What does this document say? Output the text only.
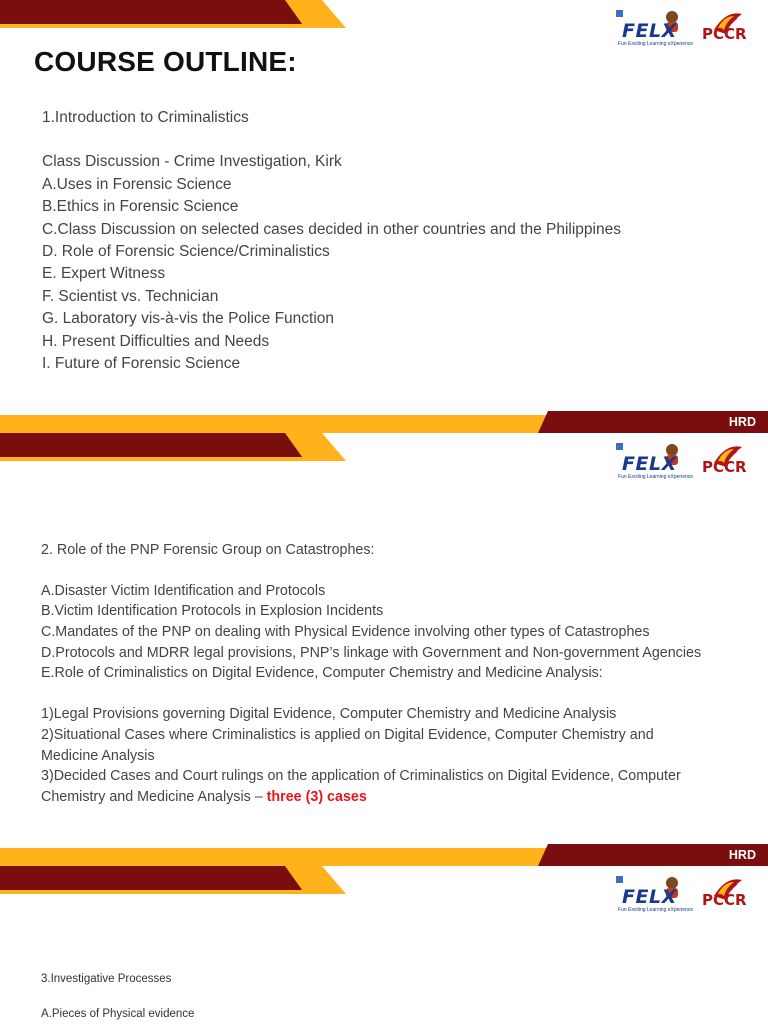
FELX
Fun Exciting Learning eXperience
PCCR
COURSE OUTLINE:
1.Introduction to Criminalistics
Class Discussion - Crime Investigation, Kirk
A.Uses in Forensic Science
B.Ethics in Forensic Science
C.Class Discussion on selected cases decided in other countries and the Philippines
D. Role of Forensic Science/Criminalistics
E. Expert Witness
F. Scientist vs. Technician
G. Laboratory vis-à-vis the Police Function
H. Present Difficulties and Needs
I. Future of Forensic Science
HRD
FELX
Fun Exciting Learning eXperience
PCCR
2. Role of the PNP Forensic Group on Catastrophes:
A.Disaster Victim Identification and Protocols
B.Victim Identification Protocols in Explosion Incidents
C.Mandates of the PNP on dealing with Physical Evidence involving other types of Catastrophes
D.Protocols and MDRR legal provisions, PNP’s linkage with Government and Non-government Agencies
E.Role of Criminalistics on Digital Evidence, Computer Chemistry and Medicine Analysis:
1)Legal Provisions governing Digital Evidence, Computer Chemistry and Medicine Analysis
2)Situational Cases where Criminalistics is applied on Digital Evidence, Computer Chemistry and
Medicine Analysis
3)Decided Cases and Court rulings on the application of Criminalistics on Digital Evidence, Computer
Chemistry and Medicine Analysis – three (3) cases
HRD
FELX
Fun Exciting Learning eXperience
PCCR
3.Investigative Processes
A.Pieces of Physical evidence
